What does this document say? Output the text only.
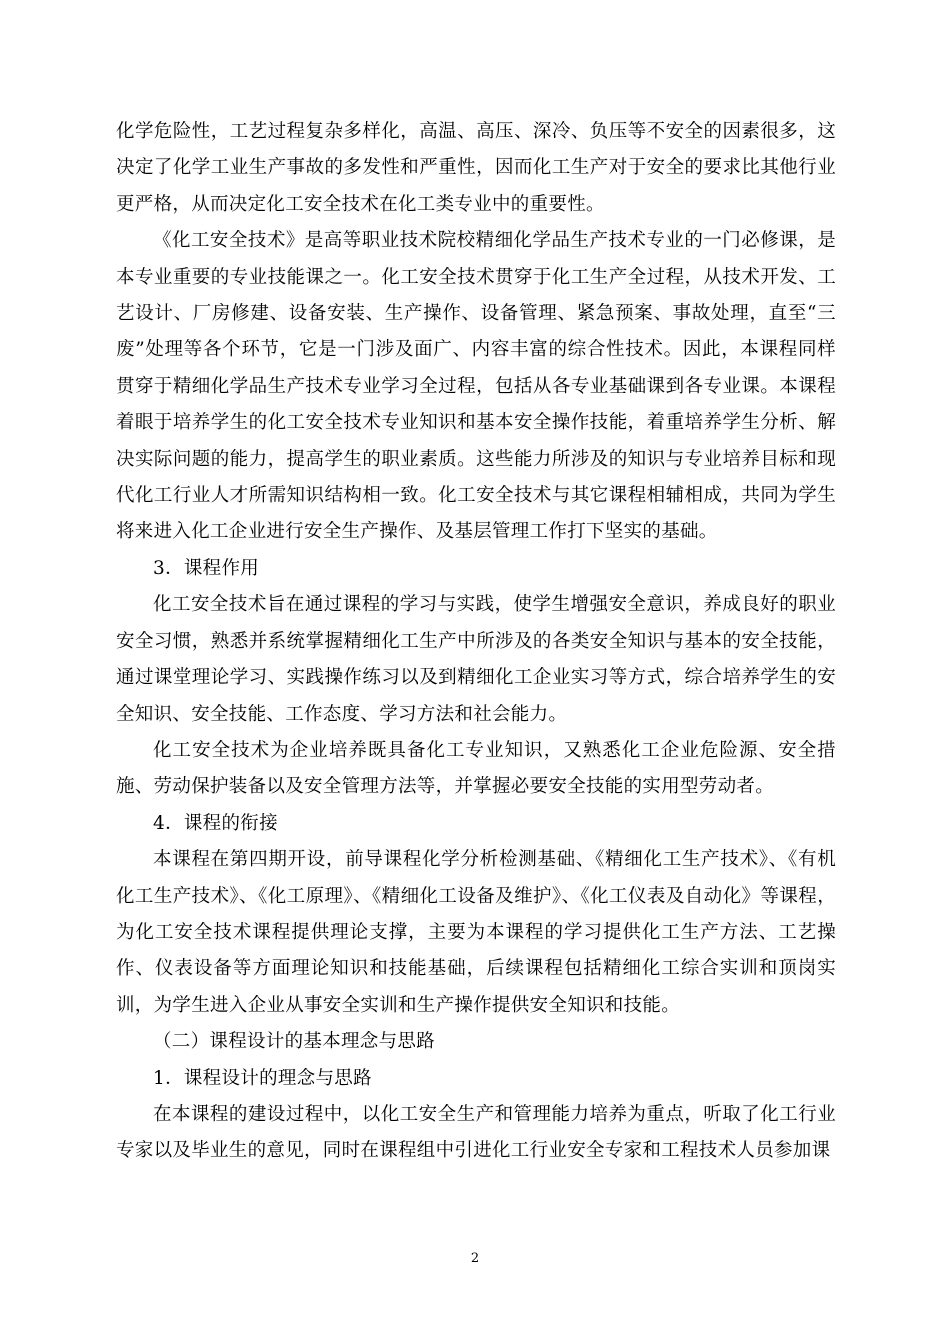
化学危险性，工艺过程复杂多样化，高温、高压、深冷、负压等不安全的因素很多，这决定了化学工业生产事故的多发性和严重性，因而化工生产对于安全的要求比其他行业更严格，从而决定化工安全技术在化工类专业中的重要性。

《化工安全技术》是高等职业技术院校精细化学品生产技术专业的一门必修课，是本专业重要的专业技能课之一。化工安全技术贯穿于化工生产全过程，从技术开发、工艺设计、厂房修建、设备安装、生产操作、设备管理、紧急预案、事故处理，直至“三废”处理等各个环节，它是一门涉及面广、内容丰富的综合性技术。因此，本课程同样贯穿于精细化学品生产技术专业学习全过程，包括从各专业基础课到各专业课。本课程着眼于培养学生的化工安全技术专业知识和基本安全操作技能，着重培养学生分析、解决实际问题的能力，提高学生的职业素质。这些能力所涉及的知识与专业培养目标和现代化工行业人才所需知识结构相一致。化工安全技术与其它课程相辅相成，共同为学生将来进入化工企业进行安全生产操作、及基层管理工作打下坚实的基础。

3．课程作用

化工安全技术旨在通过课程的学习与实践，使学生增强安全意识，养成良好的职业安全习惯，熟悉并系统掌握精细化工生产中所涉及的各类安全知识与基本的安全技能，通过课堂理论学习、实践操作练习以及到精细化工企业实习等方式，综合培养学生的安全知识、安全技能、工作态度、学习方法和社会能力。

化工安全技术为企业培养既具备化工专业知识，又熟悉化工企业危险源、安全措施、劳动保护装备以及安全管理方法等，并掌握必要安全技能的实用型劳动者。

4．课程的衔接

本课程在第四期开设，前导课程化学分析检测基础、《精细化工生产技术》、《有机化工生产技术》、《化工原理》、《精细化工设备及维护》、《化工仪表及自动化》等课程，为化工安全技术课程提供理论支撑，主要为本课程的学习提供化工生产方法、工艺操作、仪表设备等方面理论知识和技能基础，后续课程包括精细化工综合实训和顶岗实训，为学生进入企业从事安全实训和生产操作提供安全知识和技能。

（二）课程设计的基本理念与思路

1．课程设计的理念与思路

在本课程的建设过程中，以化工安全生产和管理能力培养为重点，听取了化工行业专家以及毕业生的意见，同时在课程组中引进化工行业安全专家和工程技术人员参加课

2
